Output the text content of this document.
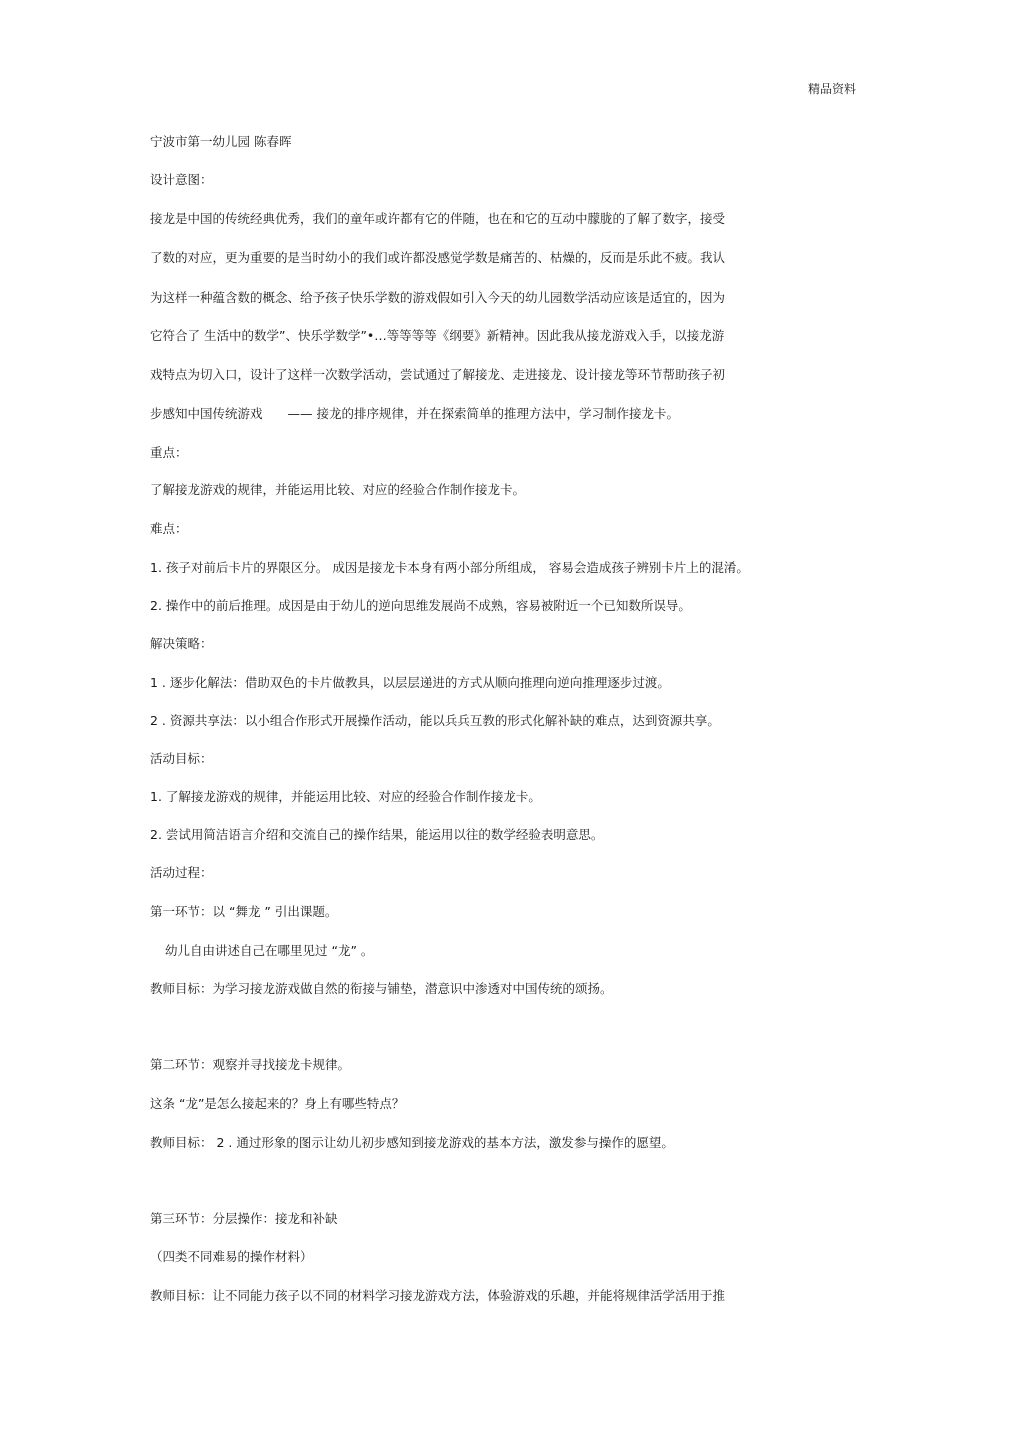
精品资料
宁波市第一幼儿园 陈春晖
设计意图：
接龙是中国的传统经典优秀，我们的童年或许都有它的伴随，也在和它的互动中朦胧的了解了数字，接受
了数的对应，更为重要的是当时幼小的我们或许都没感觉学数是痛苦的、枯燥的，反而是乐此不疲。我认
为这样一种蕴含数的概念、给予孩子快乐学数的游戏假如引入今天的幼儿园数学活动应该是适宜的，因为
它符合了 生活中的数学”、快乐学数学”•…等等等等《纲要》新精神。因此我从接龙游戏入手，以接龙游
戏特点为切入口，设计了这样一次数学活动，尝试通过了解接龙、走进接龙、设计接龙等环节帮助孩子初
步感知中国传统游戏　　—— 接龙的排序规律，并在探索简单的推理方法中，学习制作接龙卡。
重点：
了解接龙游戏的规律，并能运用比较、对应的经验合作制作接龙卡。
难点：
1. 孩子对前后卡片的界限区分。 成因是接龙卡本身有两小部分所组成， 容易会造成孩子辨别卡片上的混淆。
2. 操作中的前后推理。成因是由于幼儿的逆向思维发展尚不成熟，容易被附近一个已知数所误导。
解决策略：
1 . 逐步化解法：借助双色的卡片做教具，以层层递进的方式从顺向推理向逆向推理逐步过渡。
2 . 资源共享法：以小组合作形式开展操作活动，能以兵兵互教的形式化解补缺的难点，达到资源共享。
活动目标：
1. 了解接龙游戏的规律，并能运用比较、对应的经验合作制作接龙卡。
2. 尝试用简洁语言介绍和交流自己的操作结果，能运用以往的数学经验表明意思。
活动过程：
第一环节：以 “舞龙 ” 引出课题。
幼儿自由讲述自己在哪里见过 “龙” 。
教师目标：为学习接龙游戏做自然的衔接与铺垫，潜意识中渗透对中国传统的颂扬。
第二环节：观察并寻找接龙卡规律。
这条 “龙”是怎么接起来的？身上有哪些特点？
教师目标： 2 . 通过形象的图示让幼儿初步感知到接龙游戏的基本方法，激发参与操作的愿望。
第三环节：分层操作：接龙和补缺
（四类不同难易的操作材料）
教师目标：让不同能力孩子以不同的材料学习接龙游戏方法，体验游戏的乐趣，并能将规律活学活用于推
